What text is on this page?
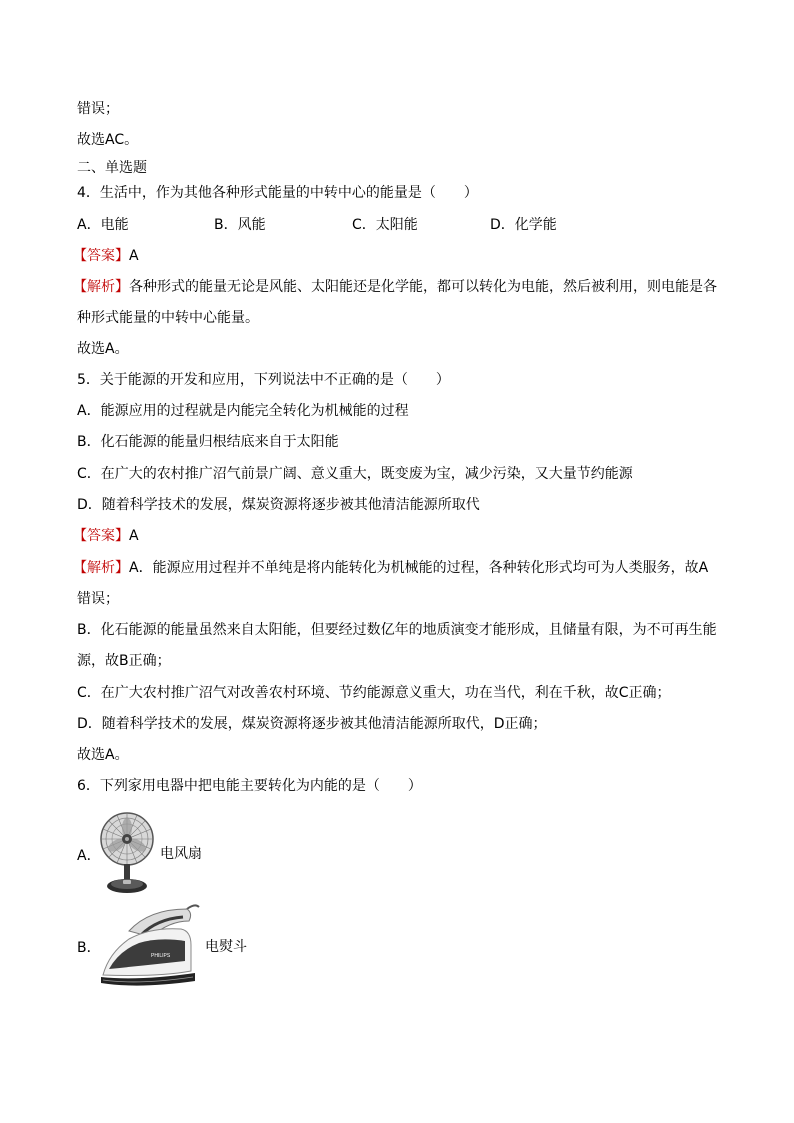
错误；
故选AC。
二、单选题
4．生活中，作为其他各种形式能量的中转中心的能量是（　　）
A．电能	B．风能	C．太阳能	D．化学能
【答案】A
【解析】各种形式的能量无论是风能、太阳能还是化学能，都可以转化为电能，然后被利用，则电能是各
种形式能量的中转中心能量。
故选A。
5．关于能源的开发和应用，下列说法中不正确的是（　　）
A．能源应用的过程就是内能完全转化为机械能的过程
B．化石能源的能量归根结底来自于太阳能
C．在广大的农村推广沼气前景广阔、意义重大，既变废为宝，减少污染，又大量节约能源
D．随着科学技术的发展，煤炭资源将逐步被其他清洁能源所取代
【答案】A
【解析】A．能源应用过程并不单纯是将内能转化为机械能的过程，各种转化形式均可为人类服务，故A
错误；
B．化石能源的能量虽然来自太阳能，但要经过数亿年的地质演变才能形成，且储量有限，为不可再生能
源，故B正确；
C．在广大农村推广沼气对改善农村环境、节约能源意义重大，功在当代，利在千秋，故C正确；
D．随着科学技术的发展，煤炭资源将逐步被其他清洁能源所取代，D正确；
故选A。
6．下列家用电器中把电能主要转化为内能的是（　　）
A．	电风扇
B．	PHILIPS
电熨斗
